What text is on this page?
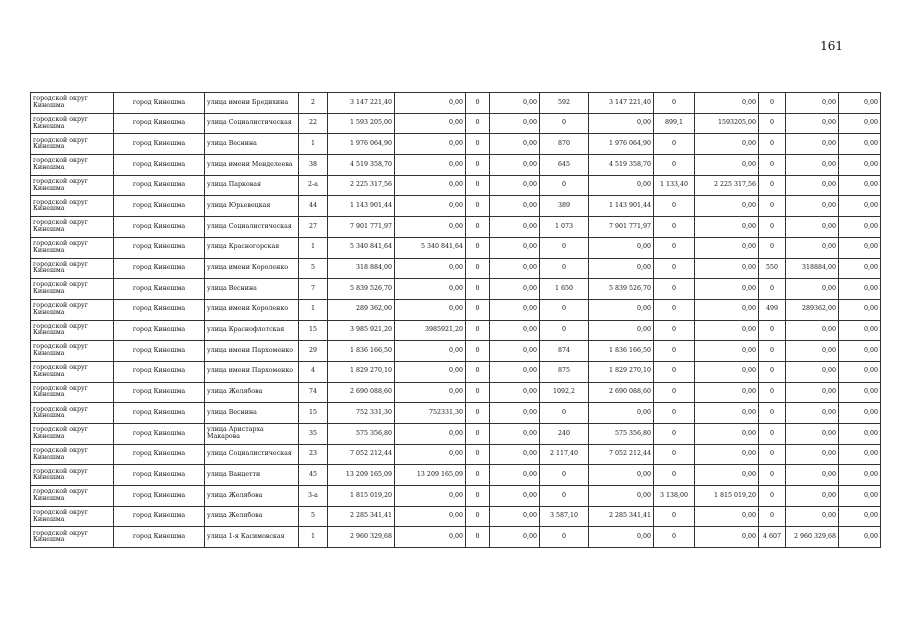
161
городской округ Кинешма	город Кинешма	улица имени Бредихина	2	3 147 221,40	0,00	0	0,00	592	3 147 221,40	0	0,00	0	0,00	0,00
городской округ Кинешма	город Кинешма	улица Социалистическая	22	1 593 205,00	0,00	0	0,00	0	0,00	899,1	1593205,00	0	0,00	0,00
городской округ Кинешма	город Кинешма	улица Веснина	1	1 976 064,90	0,00	0	0,00	870	1 976 064,90	0	0,00	0	0,00	0,00
городской округ Кинешма	город Кинешма	улица имени Менделеева	38	4 519 358,70	0,00	0	0,00	645	4 519 358,70	0	0,00	0	0,00	0,00
городской округ Кинешма	город Кинешма	улица Парковая	2-а	2 225 317,56	0,00	0	0,00	0	0,00	1 133,40	2 225 317,56	0	0,00	0,00
городской округ Кинешма	город Кинешма	улица Юрьевецкая	44	1 143 901,44	0,00	0	0,00	389	1 143 901,44	0	0,00	0	0,00	0,00
городской округ Кинешма	город Кинешма	улица Социалистическая	27	7 901 771,97	0,00	0	0,00	1 073	7 901 771,97	0	0,00	0	0,00	0,00
городской округ Кинешма	город Кинешма	улица Красногорская	1	5 340 841,64	5 340 841,64	0	0,00	0	0,00	0	0,00	0	0,00	0,00
городской округ Кинешма	город Кинешма	улица имени Короленко	5	318 884,00	0,00	0	0,00	0	0,00	0	0,00	550	318884,00	0,00
городской округ Кинешма	город Кинешма	улица Веснина	7	5 839 526,70	0,00	0	0,00	1 650	5 839 526,70	0	0,00	0	0,00	0,00
городской округ Кинешма	город Кинешма	улица имени Короленко	1	289 362,00	0,00	0	0,00	0	0,00	0	0,00	499	289362,00	0,00
городской округ Кинешма	город Кинешма	улица Краснофлотская	15	3 985 921,20	3985921,20	0	0,00	0	0,00	0	0,00	0	0,00	0,00
городской округ Кинешма	город Кинешма	улица имени Пархоменко	29	1 836 166,50	0,00	0	0,00	874	1 836 166,50	0	0,00	0	0,00	0,00
городской округ Кинешма	город Кинешма	улица имени Пархоменко	4	1 829 270,10	0,00	0	0,00	875	1 829 270,10	0	0,00	0	0,00	0,00
городской округ Кинешма	город Кинешма	улица Желябова	74	2 690 088,60	0,00	0	0,00	1092,2	2 690 088,60	0	0,00	0	0,00	0,00
городской округ Кинешма	город Кинешма	улица Веснина	15	752 331,30	752331,30	0	0,00	0	0,00	0	0,00	0	0,00	0,00
городской округ Кинешма	город Кинешма	улица Аристарха Макарова	35	575 356,80	0,00	0	0,00	240	575 356,80	0	0,00	0	0,00	0,00
городской округ Кинешма	город Кинешма	улица Социалистическая	23	7 052 212,44	0,00	0	0,00	2 117,40	7 052 212,44	0	0,00	0	0,00	0,00
городской округ Кинешма	город Кинешма	улица Ванцетти	45	13 209 165,09	13 209 165,09	0	0,00	0	0,00	0	0,00	0	0,00	0,00
городской округ Кинешма	город Кинешма	улица Желябова	3-а	1 815 019,20	0,00	0	0,00	0	0,00	3 138,00	1 815 019,20	0	0,00	0,00
городской округ Кинешма	город Кинешма	улица Желябова	5	2 285 341,41	0,00	0	0,00	3 587,10	2 285 341,41	0	0,00	0	0,00	0,00
городской округ Кинешма	город Кинешма	улица 1-я Касимовская	1	2 960 329,68	0,00	0	0,00	0	0,00	0	0,00	4 607	2 960 329,68	0,00
